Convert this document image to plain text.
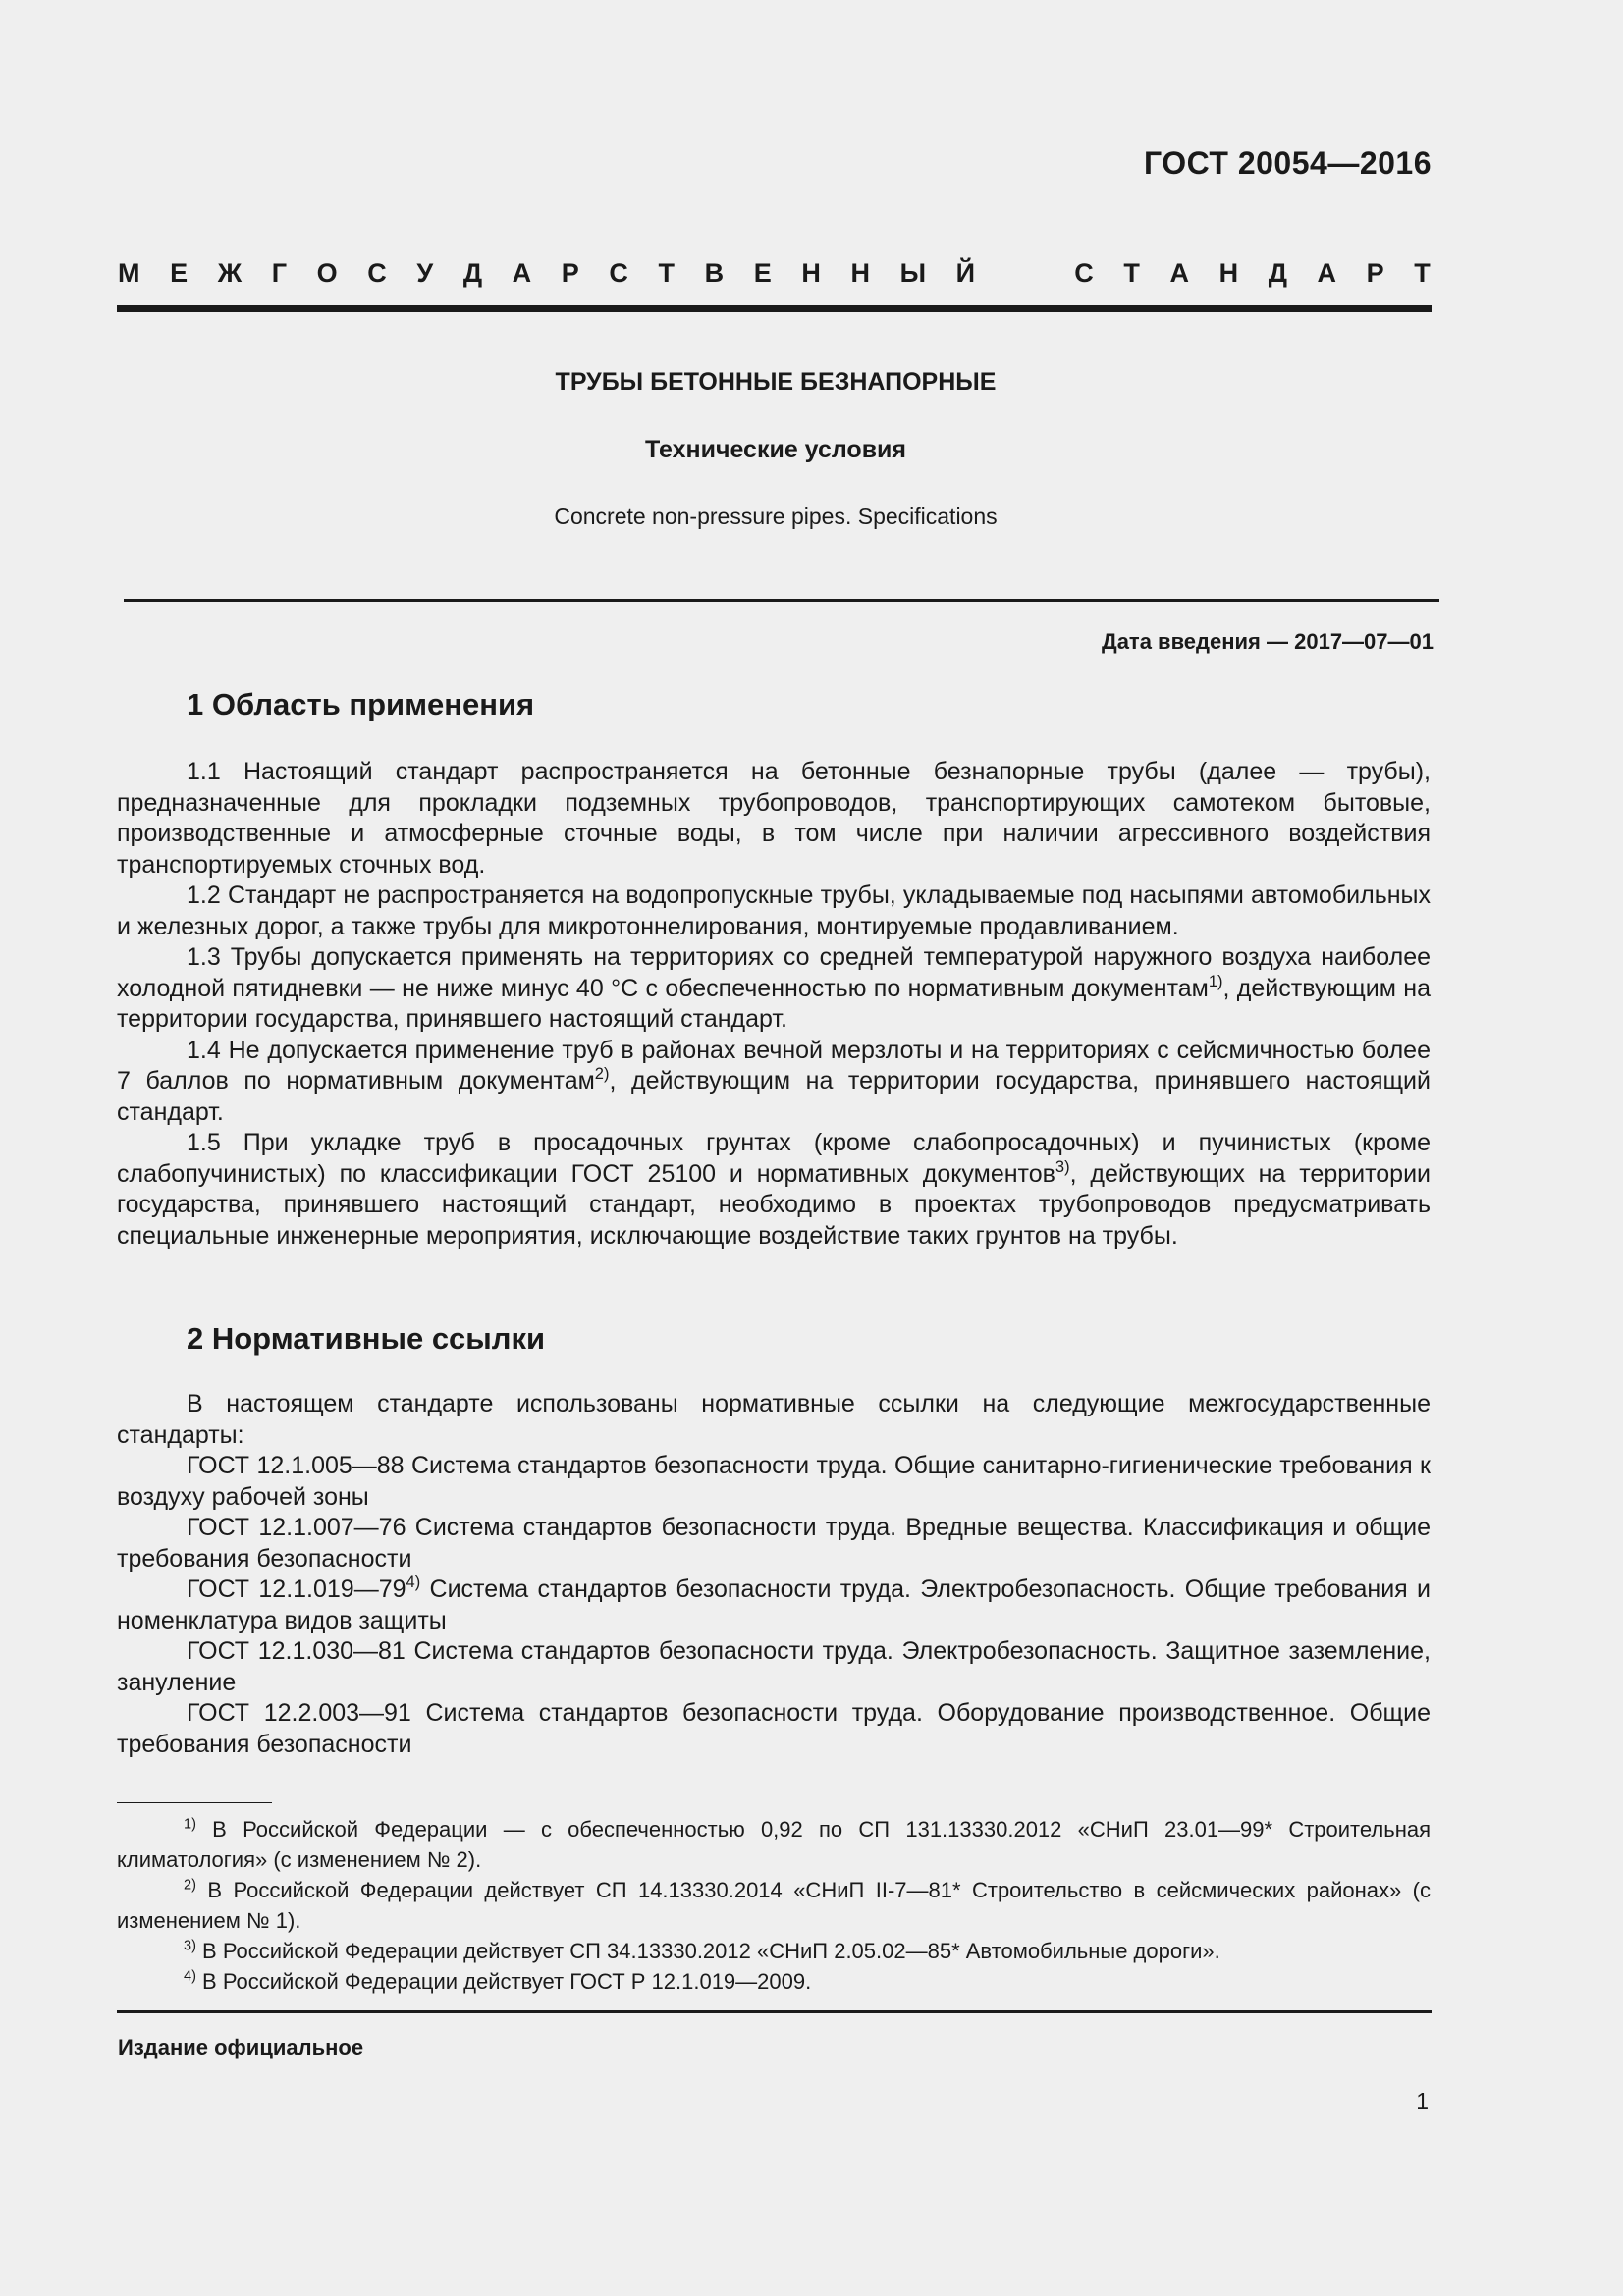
ГОСТ 20054—2016
М Е Ж Г О С У Д А Р С Т В Е Н Н Ы Й	С Т А Н Д А Р Т
ТРУБЫ БЕТОННЫЕ БЕЗНАПОРНЫЕ
Технические условия
Concrete non-pressure pipes. Specifications
Дата введения — 2017—07—01
1 Область применения

1.1 Настоящий стандарт распространяется на бетонные безнапорные трубы (далее — трубы), предназначенные для прокладки подземных трубопроводов, транспортирующих самотеком бытовые, производственные и атмосферные сточные воды, в том числе при наличии агрессивного воздействия транспортируемых сточных вод.

1.2 Стандарт не распространяется на водопропускные трубы, укладываемые под насыпями автомобильных и железных дорог, а также трубы для микротоннелирования, монтируемые продавливанием.

1.3 Трубы допускается применять на территориях со средней температурой наружного воздуха наиболее холодной пятидневки — не ниже минус 40 °С с обеспеченностью по нормативным документам$^{1)}$, действующим на территории государства, принявшего настоящий стандарт.

1.4 Не допускается применение труб в районах вечной мерзлоты и на территориях с сейсмичностью более 7 баллов по нормативным документам$^{2)}$, действующим на территории государства, принявшего настоящий стандарт.

1.5 При укладке труб в просадочных грунтах (кроме слабопросадочных) и пучинистых (кроме слабопучинистых) по классификации ГОСТ 25100 и нормативных документов$^{3)}$, действующих на территории государства, принявшего настоящий стандарт, необходимо в проектах трубопроводов предусматривать специальные инженерные мероприятия, исключающие воздействие таких грунтов на трубы.

2 Нормативные ссылки

В настоящем стандарте использованы нормативные ссылки на следующие межгосударственные стандарты:

ГОСТ 12.1.005—88 Система стандартов безопасности труда. Общие санитарно-гигиенические требования к воздуху рабочей зоны

ГОСТ 12.1.007—76 Система стандартов безопасности труда. Вредные вещества. Классификация и общие требования безопасности

ГОСТ 12.1.019—79$^{4)}$ Система стандартов безопасности труда. Электробезопасность. Общие требования и номенклатура видов защиты

ГОСТ 12.1.030—81 Система стандартов безопасности труда. Электробезопасность. Защитное заземление, зануление

ГОСТ 12.2.003—91 Система стандартов безопасности труда. Оборудование производственное. Общие требования безопасности

$^{1)}$ В Российской Федерации — с обеспеченностью 0,92 по СП 131.13330.2012 «СНиП 23.01—99* Строительная климатология» (с изменением № 2).

$^{2)}$ В Российской Федерации действует СП 14.13330.2014 «СНиП II-7—81* Строительство в сейсмических районах» (с изменением № 1).

$^{3)}$ В Российской Федерации действует СП 34.13330.2012 «СНиП 2.05.02—85* Автомобильные дороги».

$^{4)}$ В Российской Федерации действует ГОСТ Р 12.1.019—2009.

Издание официальное
1
